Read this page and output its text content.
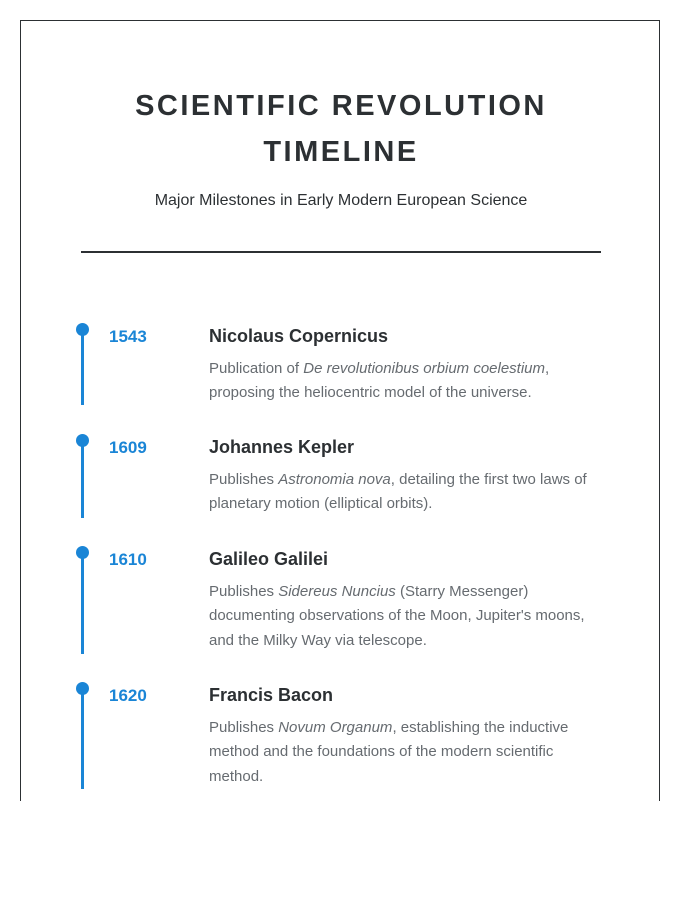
SCIENTIFIC REVOLUTION
TIMELINE
Major Milestones in Early Modern European Science
1543	Nicolaus Copernicus
Publication of De revolutionibus orbium coelestium, proposing the heliocentric model of the universe.
1609	Johannes Kepler
Publishes Astronomia nova, detailing the first two laws of planetary motion (elliptical orbits).
1610	Galileo Galilei
Publishes Sidereus Nuncius (Starry Messenger) documenting observations of the Moon, Jupiter's moons, and the Milky Way via telescope.
1620	Francis Bacon
Publishes Novum Organum, establishing the inductive method and the foundations of the modern scientific method.
